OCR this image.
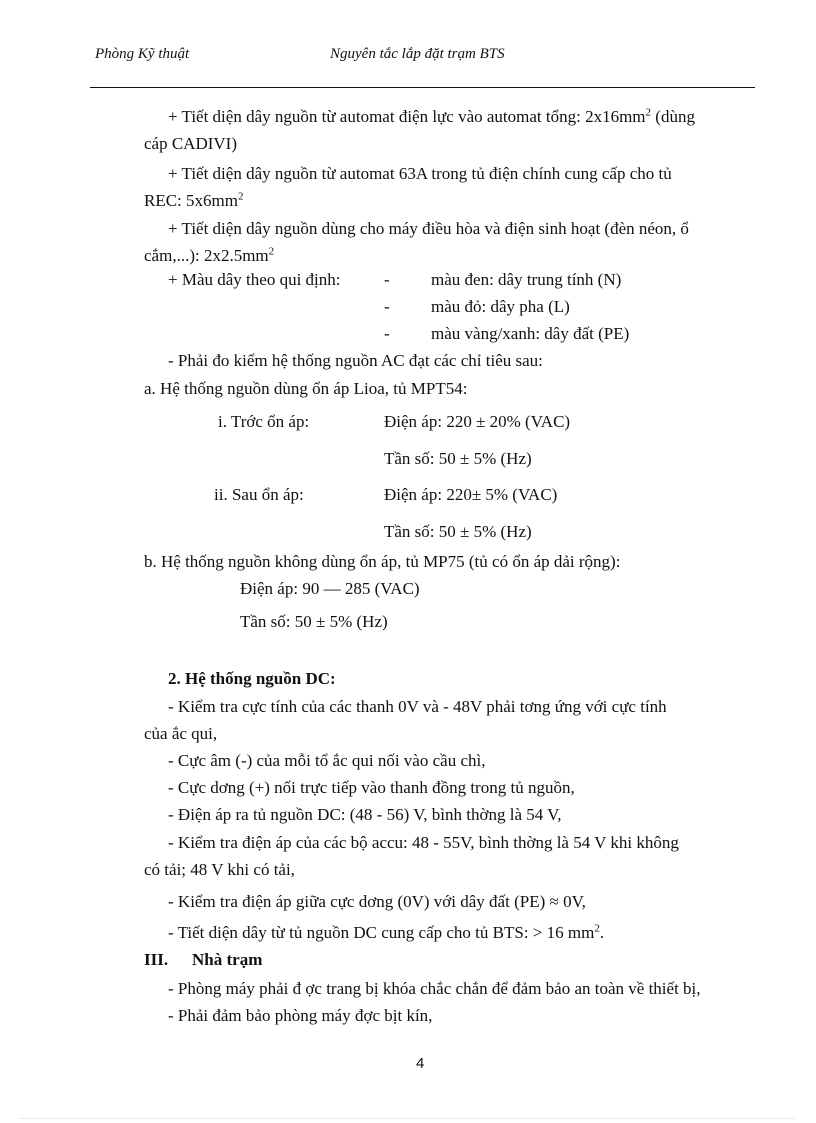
Phòng Kỹ thuật	Nguyên tắc lắp đặt trạm BTS
+ Tiết diện dây nguồn từ automat điện lực vào automat tổng: $2x16mm^2$ (dùng
cáp CADIVI)
+ Tiết diện dây nguồn từ automat 63A trong tủ điện chính cung cấp cho tủ
REC: $5x6mm^2$
+ Tiết diện dây nguồn dùng cho máy điều hòa và điện sinh hoạt (đèn néon, ổ
cắm,...): $2x2.5mm^2$
+ Màu dây theo qui định:	- màu đen: dây trung tính (N)
- màu đỏ: dây pha (L)
- màu vàng/xanh: dây đất (PE)
- Phải đo kiểm hệ thống nguồn AC đạt các chỉ tiêu sau:
a. Hệ thống nguồn dùng ổn áp Lioa, tủ MPT54:
i. Trớc ổn áp:	Điện áp: 220 ± 20% (VAC)
Tần số: 50 ± 5% (Hz)
ii. Sau ổn áp:	Điện áp: 220± 5% (VAC)
Tần số: 50 ± 5% (Hz)
b. Hệ thống nguồn không dùng ổn áp, tủ MP75 (tủ có ổn áp dải rộng):
Điện áp: 90 — 285 (VAC)
Tần số: 50 ± 5% (Hz)
2. Hệ thống nguồn DC:
- Kiểm tra cực tính của các thanh 0V và - 48V phải tơng ứng với cực tính
của ắc qui,
- Cực âm (-) của mỗi tổ ắc qui nối vào cầu chì,
- Cực dơng (+) nối trực tiếp vào thanh đồng trong tủ nguồn,
- Điện áp ra tủ nguồn DC: (48 - 56) V, bình thờng là 54 V,
- Kiểm tra điện áp của các bộ accu: 48 - 55V, bình thờng là 54 V khi không
có tải; 48 V khi có tải,
- Kiểm tra điện áp giữa cực dơng (0V) với dây đất (PE) ≈ 0V,
- Tiết diện dây từ tủ nguồn DC cung cấp cho tủ BTS: > 16 $mm^2$.
III. Nhà trạm
- Phòng máy phải đ ợc trang bị khóa chắc chắn để đảm bảo an toàn về thiết bị,
- Phải đảm bảo phòng máy đợc bịt kín,
4
